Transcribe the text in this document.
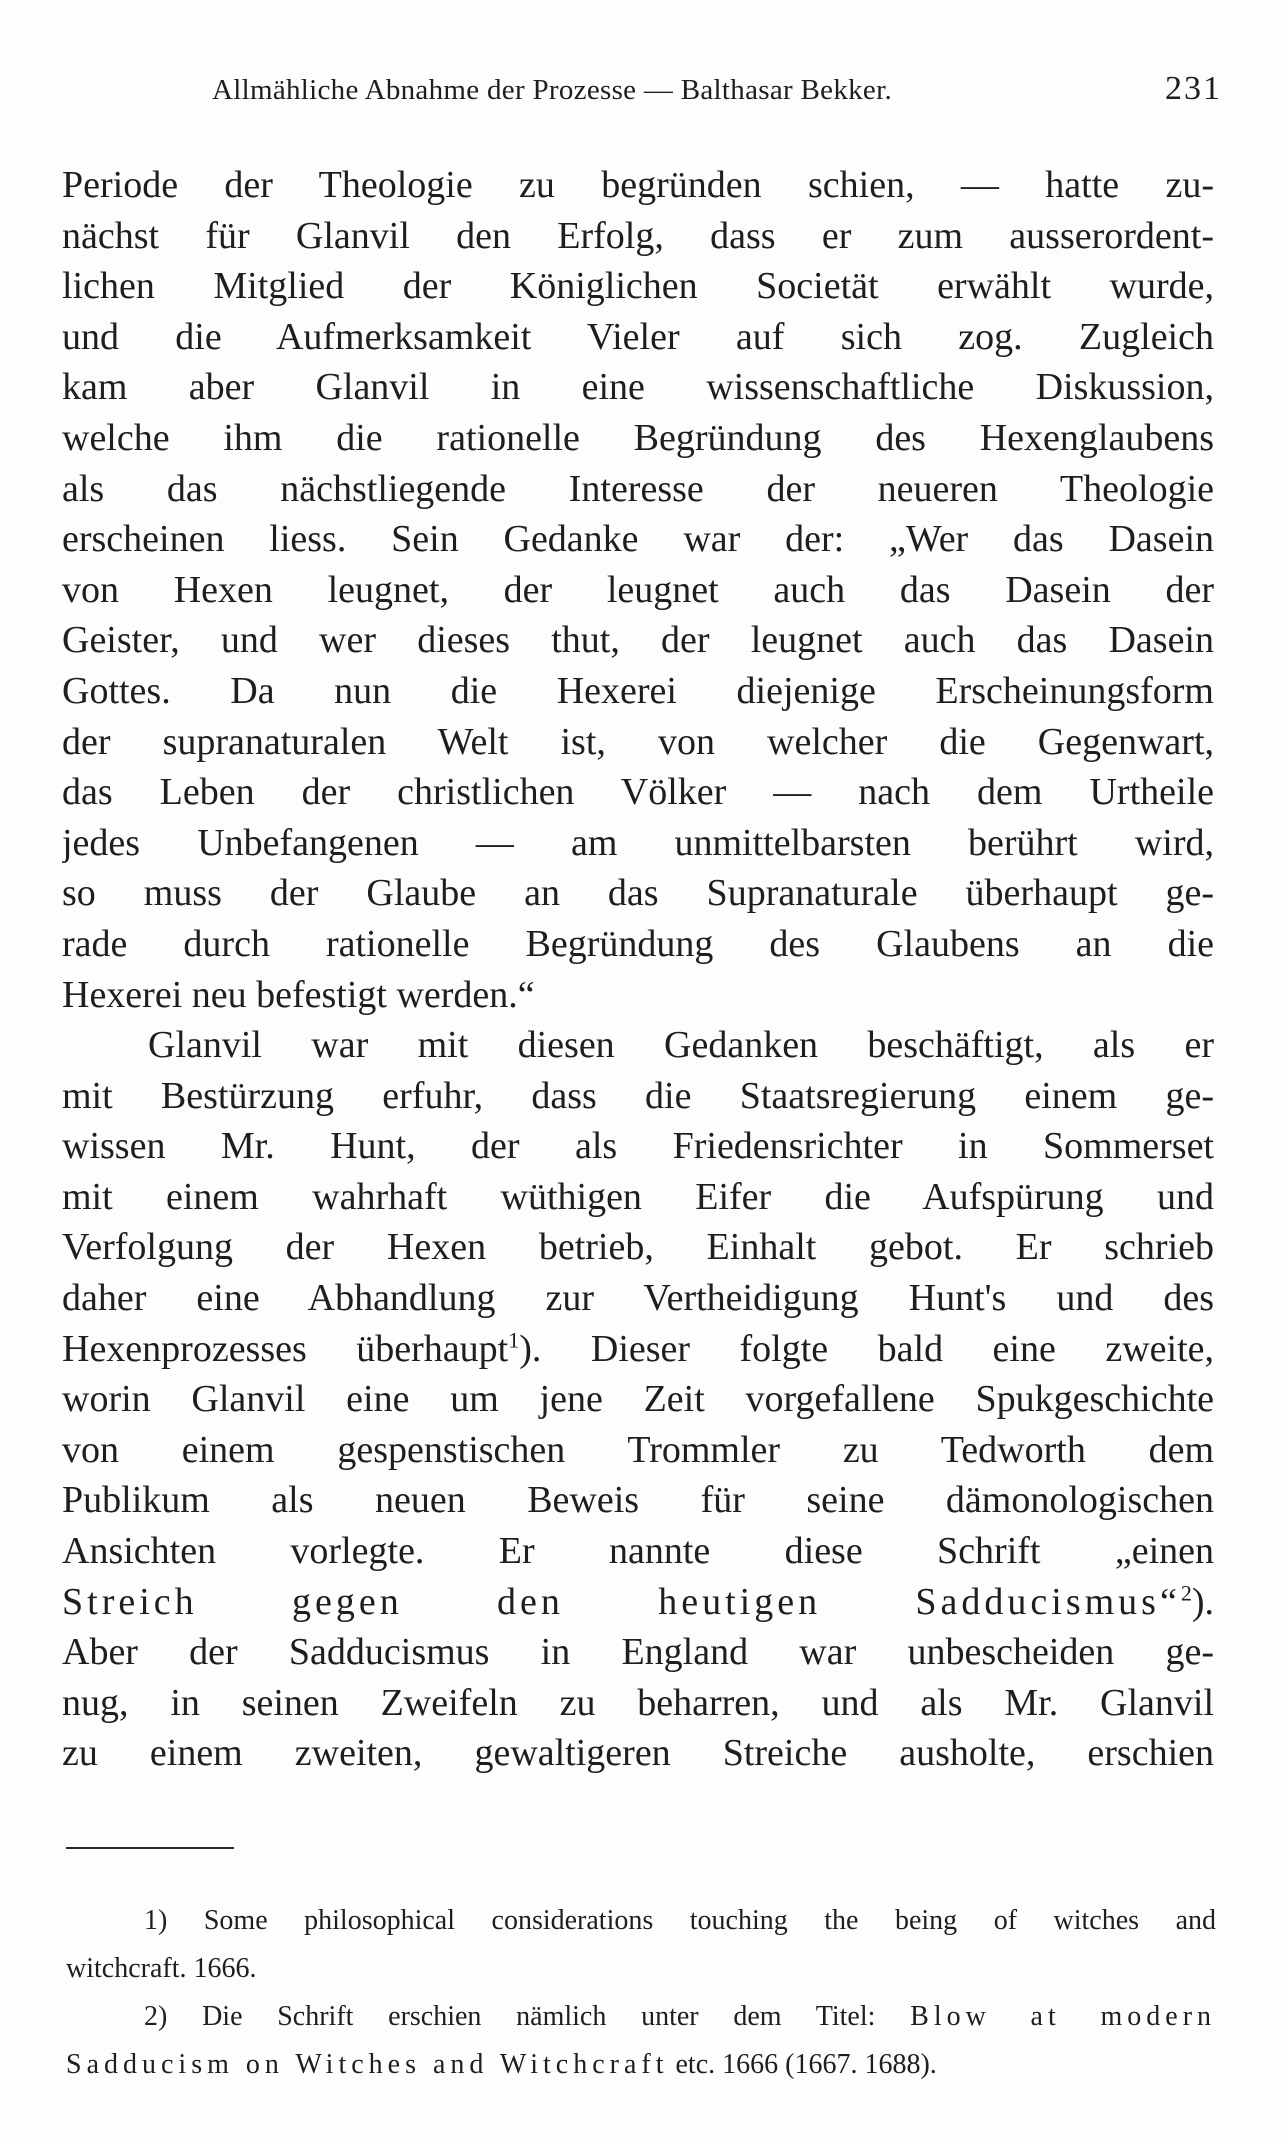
Allmähliche Abnahme der Prozesse — Balthasar Bekker.	231
Periode der Theologie zu begründen schien, — hatte zu-
nächst für Glanvil den Erfolg, dass er zum ausserordent-
lichen Mitglied der Königlichen Societät erwählt wurde,
und die Aufmerksamkeit Vieler auf sich zog. Zugleich
kam aber Glanvil in eine wissenschaftliche Diskussion,
welche ihm die rationelle Begründung des Hexenglaubens
als das nächstliegende Interesse der neueren Theologie
erscheinen liess. Sein Gedanke war der: „Wer das Dasein
von Hexen leugnet, der leugnet auch das Dasein der
Geister, und wer dieses thut, der leugnet auch das Dasein
Gottes. Da nun die Hexerei diejenige Erscheinungsform
der supranaturalen Welt ist, von welcher die Gegenwart,
das Leben der christlichen Völker — nach dem Urtheile
jedes Unbefangenen — am unmittelbarsten berührt wird,
so muss der Glaube an das Supranaturale überhaupt ge-
rade durch rationelle Begründung des Glaubens an die
Hexerei neu befestigt werden.“
Glanvil war mit diesen Gedanken beschäftigt, als er
mit Bestürzung erfuhr, dass die Staatsregierung einem ge-
wissen Mr. Hunt, der als Friedensrichter in Sommerset
mit einem wahrhaft wüthigen Eifer die Aufspürung und
Verfolgung der Hexen betrieb, Einhalt gebot. Er schrieb
daher eine Abhandlung zur Vertheidigung Hunt's und des
Hexenprozesses überhaupt$^1$). Dieser folgte bald eine zweite,
worin Glanvil eine um jene Zeit vorgefallene Spukgeschichte
von einem gespenstischen Trommler zu Tedworth dem
Publikum als neuen Beweis für seine dämonologischen
Ansichten vorlegte. Er nannte diese Schrift „einen
Streich gegen den heutigen Sadducismus“$^2$).
Aber der Sadducismus in England war unbescheiden ge-
nug, in seinen Zweifeln zu beharren, und als Mr. Glanvil
zu einem zweiten, gewaltigeren Streiche ausholte, erschien
1) Some philosophical considerations touching the being of witches and
witchcraft. 1666.
2) Die Schrift erschien nämlich unter dem Titel: Blow at modern
Sadducism on Witches and Witchcraft etc. 1666 (1667. 1688).
